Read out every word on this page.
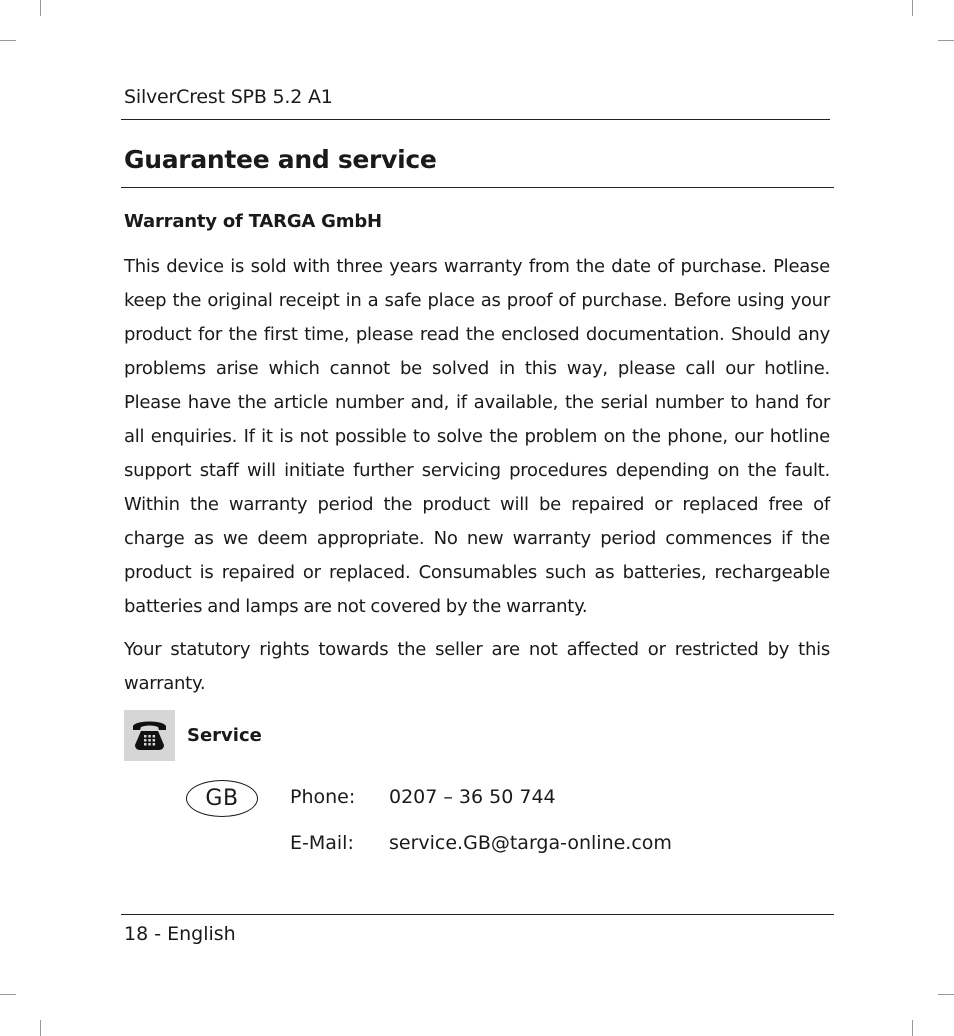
SilverCrest SPB 5.2 A1
Guarantee and service
Warranty of TARGA GmbH

This device is sold with three years warranty from the date of purchase. Please keep the original receipt in a safe place as proof of purchase. Before using your product for the first time, please read the enclosed documentation. Should any problems arise which cannot be solved in this way, please call our hotline. Please have the article number and, if available, the serial number to hand for all enquiries. If it is not possible to solve the problem on the phone, our hotline support staff will initiate further servicing procedures depending on the fault. Within the warranty period the product will be repaired or replaced free of charge as we deem appropriate. No new warranty period commences if the product is repaired or replaced. Consumables such as batteries, rechargeable batteries and lamps are not covered by the warranty.

Your statutory rights towards the seller are not affected or restricted by this warranty.

Service
GB	Phone: 0207 – 36 50 744
E-Mail: service.GB@targa-online.com
18 - English
